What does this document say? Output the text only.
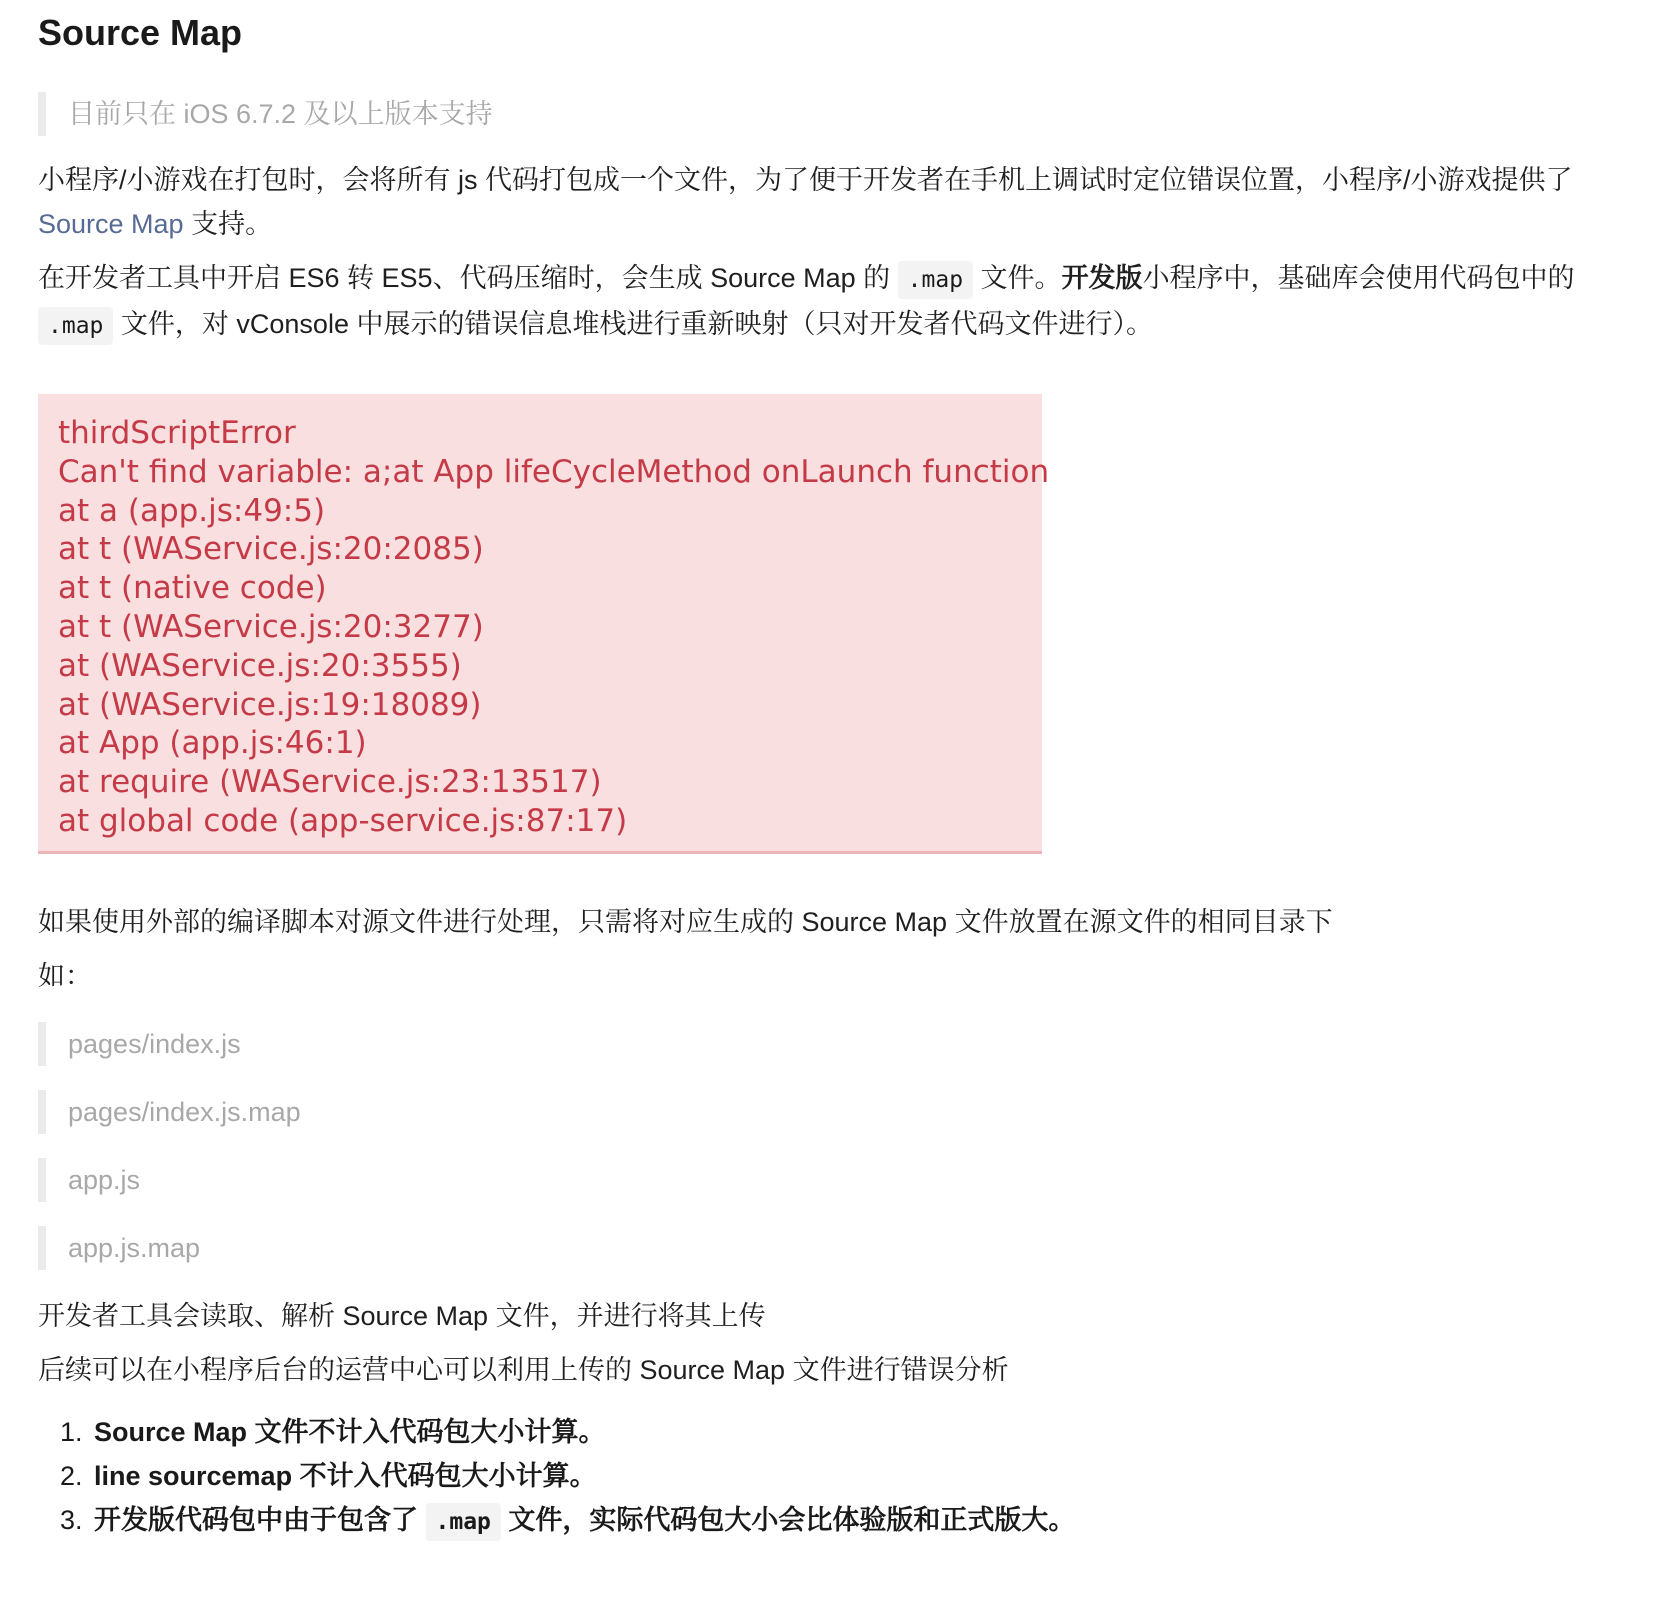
Source Map
目前只在 iOS 6.7.2 及以上版本支持

小程序/小游戏在打包时，会将所有 js 代码打包成一个文件，为了便于开发者在手机上调试时定位错误位置，小程序/小游戏提供了 Source Map 支持。

在开发者工具中开启 ES6 转 ES5、代码压缩时，会生成 Source Map 的 .map 文件。开发版小程序中，基础库会使用代码包中的 .map 文件，对 vConsole 中展示的错误信息堆栈进行重新映射（只对开发者代码文件进行）。

thirdScriptError
Can't find variable: a;at App lifeCycleMethod onLaunch function
at a (app.js:49:5)
at t (WAService.js:20:2085)
at t (native code)
at t (WAService.js:20:3277)
at (WAService.js:20:3555)
at (WAService.js:19:18089)
at App (app.js:46:1)
at require (WAService.js:23:13517)
at global code (app-service.js:87:17)

如果使用外部的编译脚本对源文件进行处理，只需将对应生成的 Source Map 文件放置在源文件的相同目录下

如：

pages/index.js
pages/index.js.map
app.js
app.js.map

开发者工具会读取、解析 Source Map 文件，并进行将其上传

后续可以在小程序后台的运营中心可以利用上传的 Source Map 文件进行错误分析

1. Source Map 文件不计入代码包大小计算。
2. line sourcemap 不计入代码包大小计算。
3. 开发版代码包中由于包含了 .map 文件，实际代码包大小会比体验版和正式版大。
